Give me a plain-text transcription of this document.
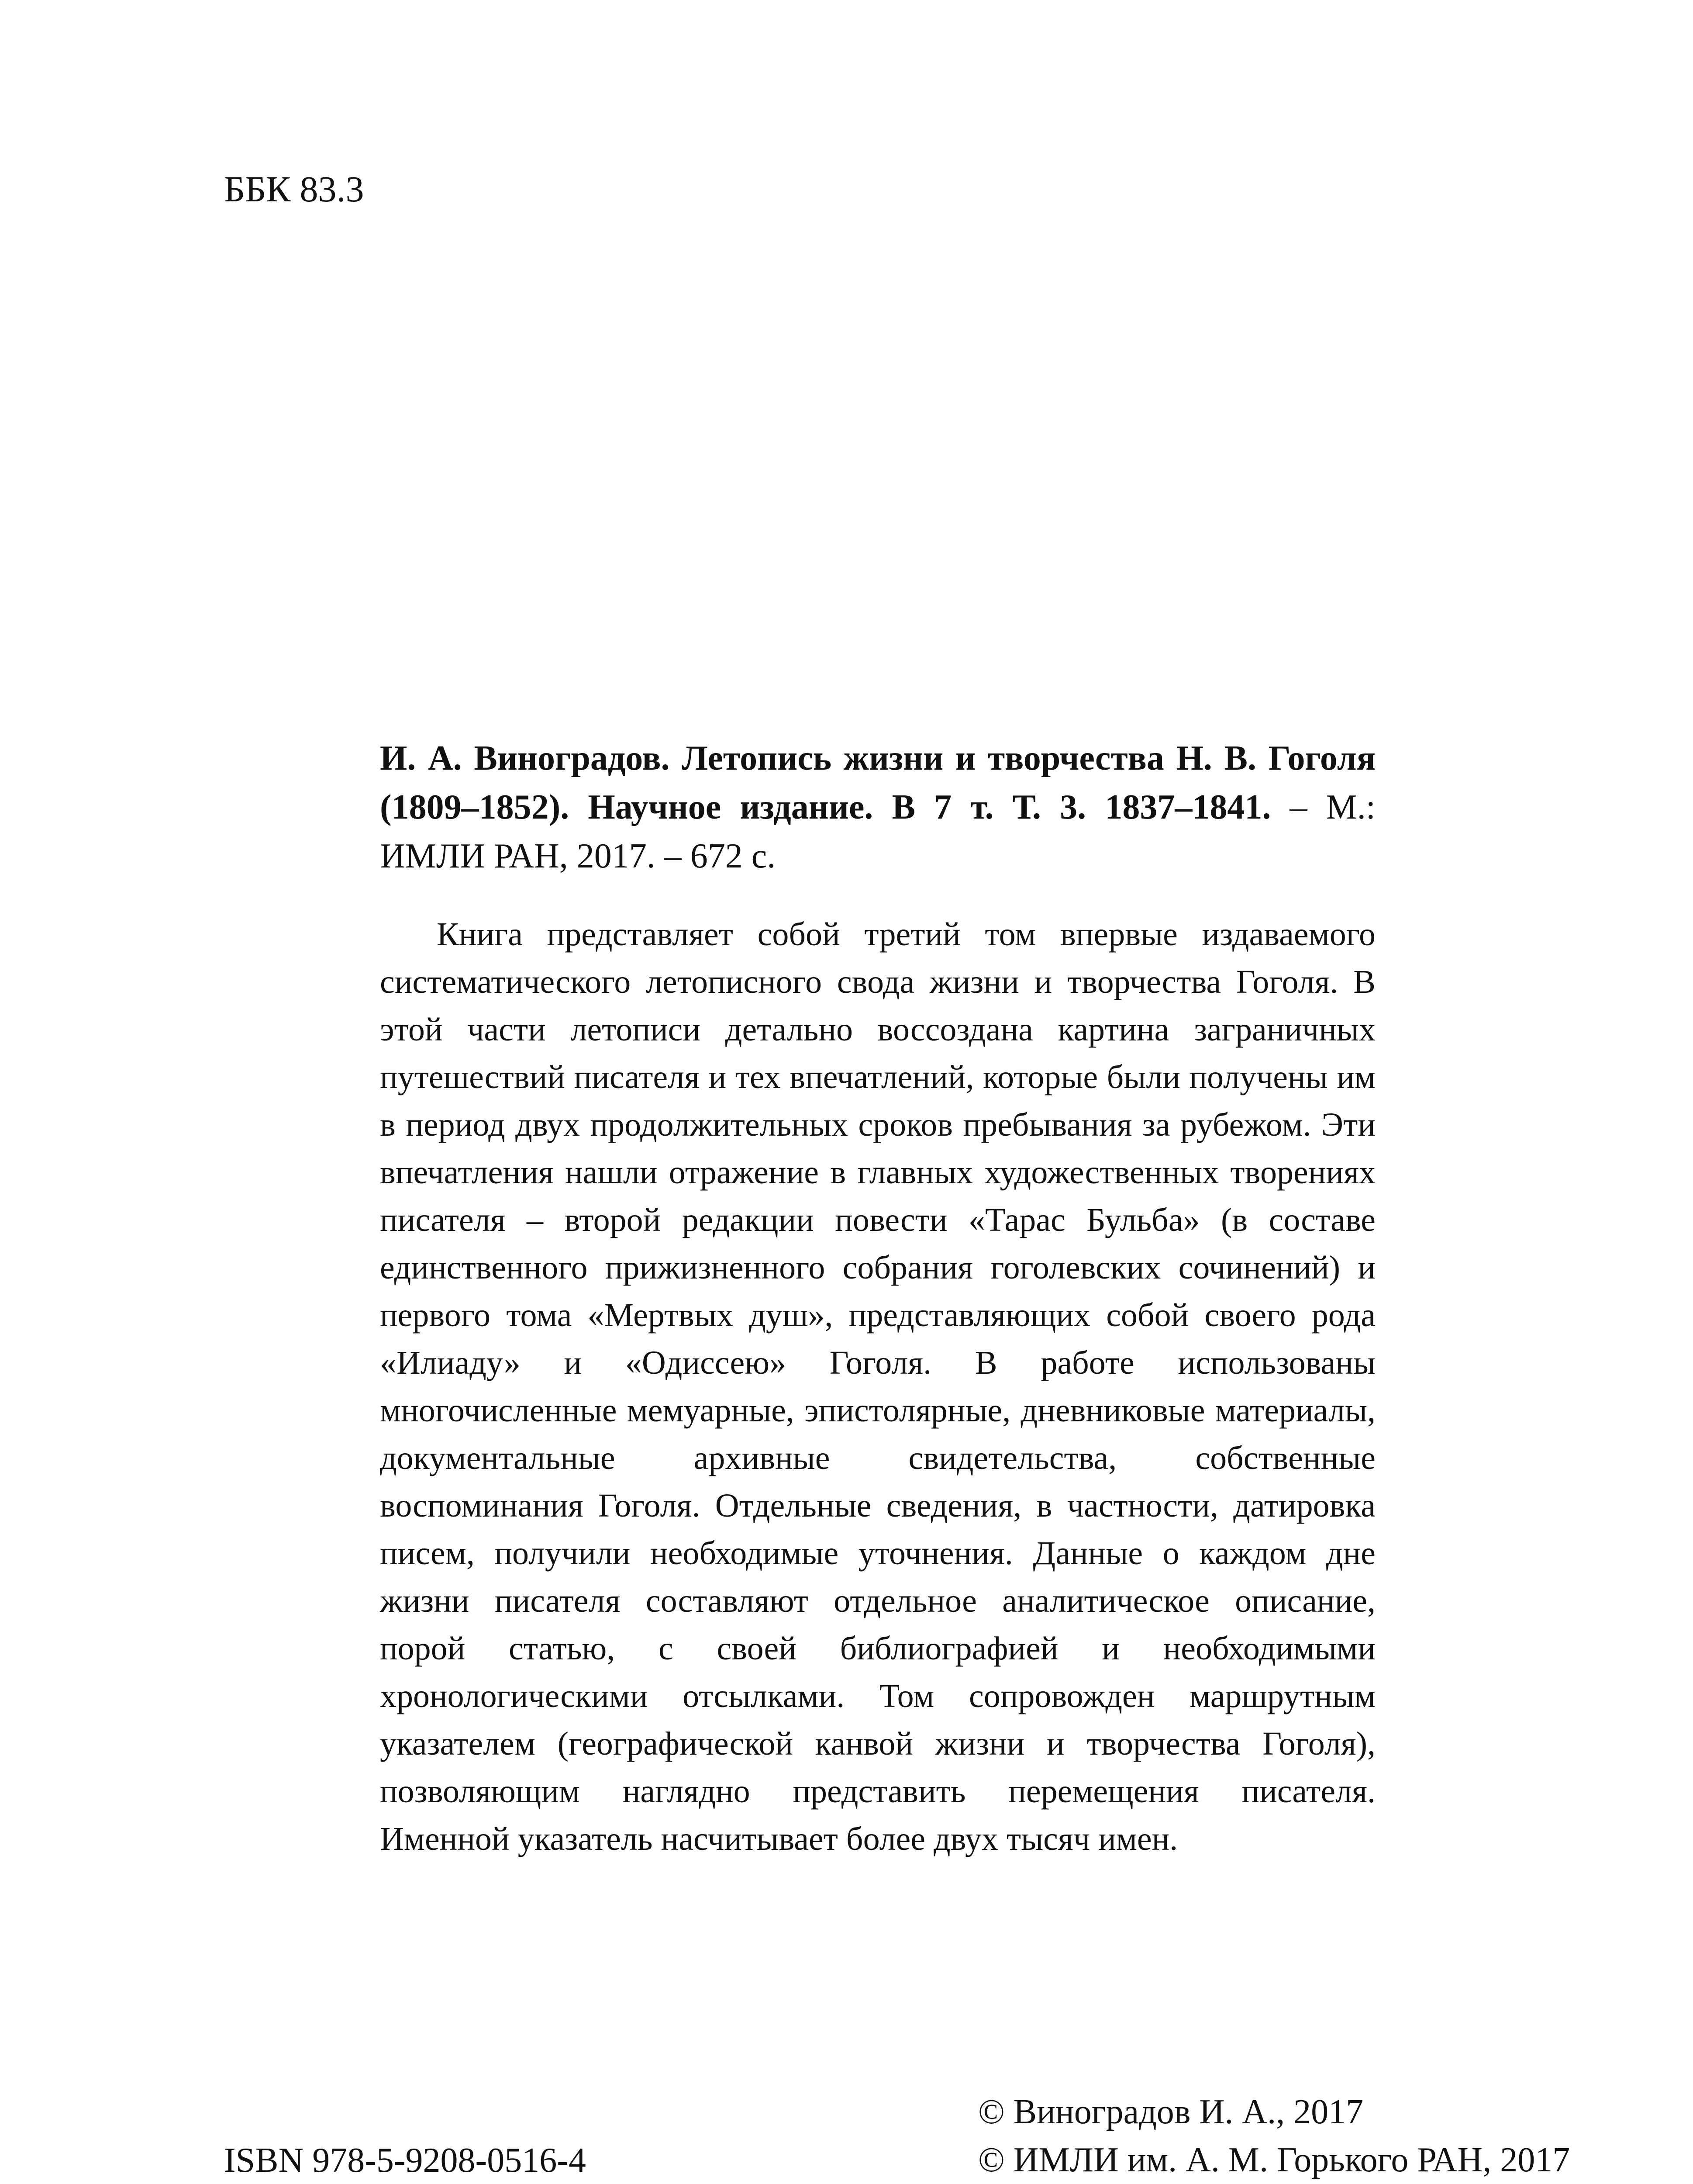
ББК 83.3
И. А. Виноградов. Летопись жизни и творчества Н. В. Гоголя (1809–1852). Научное издание. В 7 т. Т. 3. 1837–1841. – М.: ИМЛИ РАН, 2017. – 672 с.

Книга представляет собой третий том впервые издаваемого систематического летописного свода жизни и творчества Гоголя. В этой части летописи детально воссоздана картина заграничных путешествий писателя и тех впечатлений, которые были получены им в период двух продолжительных сроков пребывания за рубежом. Эти впечатления нашли отражение в главных художественных творениях писателя – второй редакции повести «Тарас Бульба» (в составе единственного прижизненного собрания гоголевских сочинений) и первого тома «Мертвых душ», представляющих собой своего рода «Илиаду» и «Одиссею» Гоголя. В работе использованы многочисленные мемуарные, эпистолярные, дневниковые материалы, документальные архивные свидетельства, собственные воспоминания Гоголя. Отдельные сведения, в частности, датировка писем, получили необходимые уточнения. Данные о каждом дне жизни писателя составляют отдельное аналитическое описание, порой статью, с своей библиографией и необходимыми хронологическими отсылками. Том сопровожден маршрутным указателем (географической канвой жизни и творчества Гоголя), позволяющим наглядно представить перемещения писателя. Именной указатель насчитывает более двух тысяч имен.

ISBN 978-5-9208-0516-4
© Виноградов И. А., 2017
© ИМЛИ им. А. М. Горького РАН, 2017
